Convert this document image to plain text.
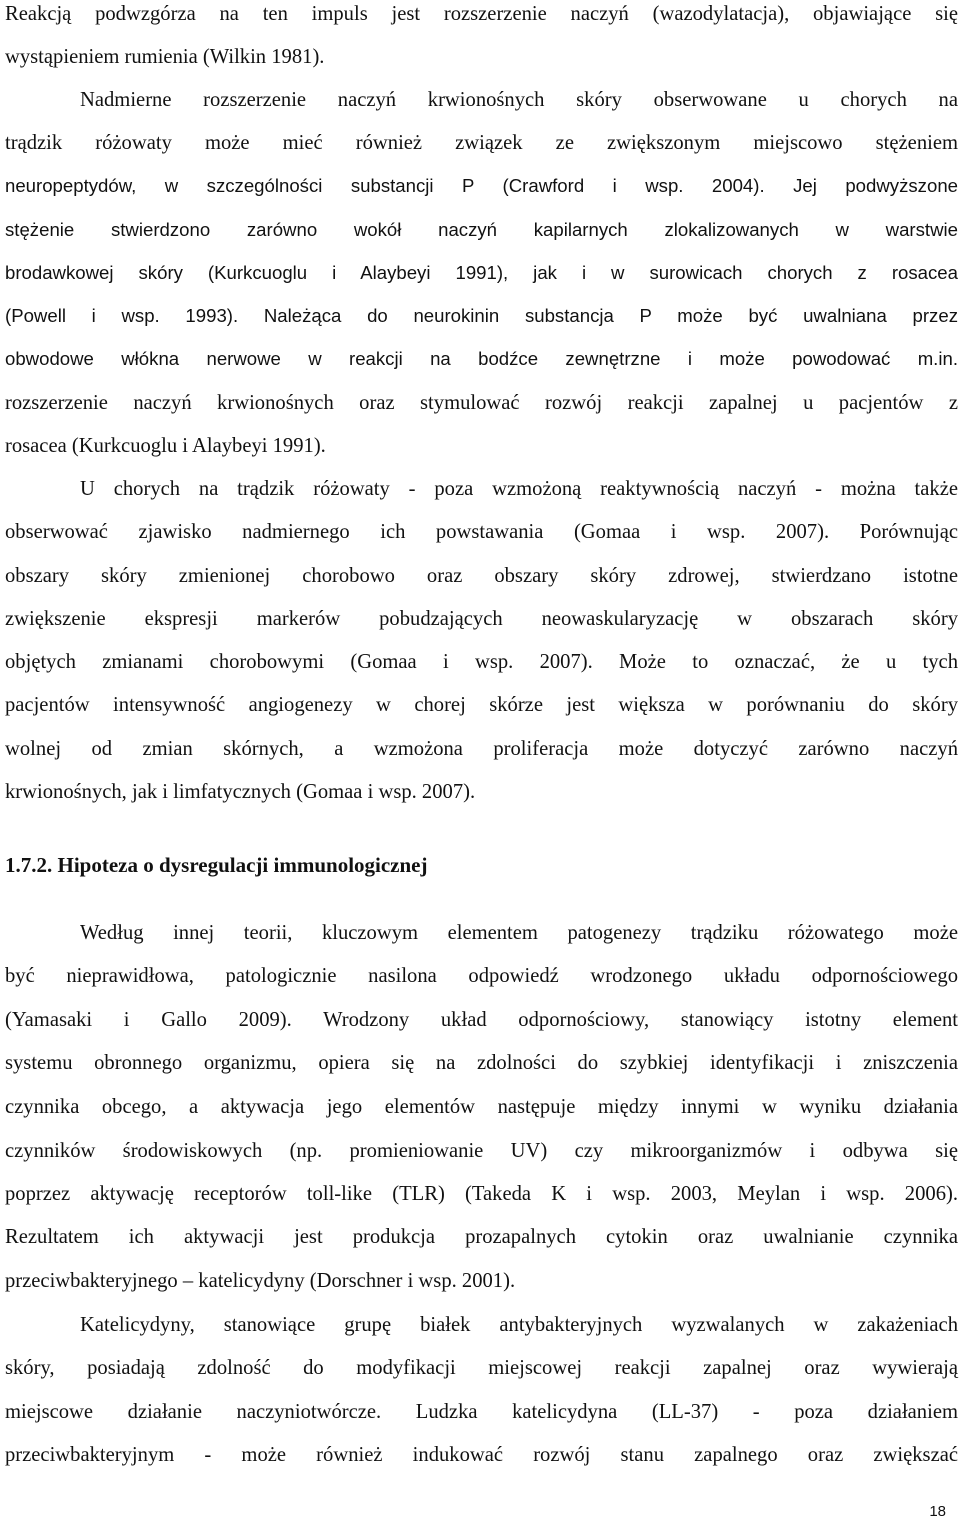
Reakcją podwzgórza na ten impuls jest rozszerzenie naczyń (wazodylatacja), objawiające się
wystąpieniem rumienia (Wilkin 1981).
Nadmierne rozszerzenie naczyń krwionośnych skóry obserwowane u chorych na
trądzik różowaty może mieć również związek ze zwiększonym miejscowo stężeniem
neuropeptydów, w szczególności substancji P (Crawford i wsp. 2004). Jej podwyższone
stężenie stwierdzono zarówno wokół naczyń kapilarnych zlokalizowanych w warstwie
brodawkowej skóry (Kurkcuoglu i Alaybeyi 1991), jak i w surowicach chorych z rosacea
(Powell i wsp. 1993). Należąca do neurokinin substancja P może być uwalniana przez
obwodowe włókna nerwowe w reakcji na bodźce zewnętrzne i może powodować m.in.
rozszerzenie naczyń krwionośnych oraz stymulować rozwój reakcji zapalnej u pacjentów z
rosacea (Kurkcuoglu i Alaybeyi 1991).
U chorych na trądzik różowaty - poza wzmożoną reaktywnością naczyń - można także
obserwować zjawisko nadmiernego ich powstawania (Gomaa i wsp. 2007). Porównując
obszary skóry zmienionej chorobowo oraz obszary skóry zdrowej, stwierdzano istotne
zwiększenie ekspresji markerów pobudzających neowaskularyzację w obszarach skóry
objętych zmianami chorobowymi (Gomaa i wsp. 2007). Może to oznaczać, że u tych
pacjentów intensywność angiogenezy w chorej skórze jest większa w porównaniu do skóry
wolnej od zmian skórnych, a wzmożona proliferacja może dotyczyć zarówno naczyń
krwionośnych, jak i limfatycznych (Gomaa i wsp. 2007).
1.7.2. Hipoteza o dysregulacji immunologicznej
Według innej teorii, kluczowym elementem patogenezy trądziku różowatego może
być nieprawidłowa, patologicznie nasilona odpowiedź wrodzonego układu odpornościowego
(Yamasaki i Gallo 2009). Wrodzony układ odpornościowy, stanowiący istotny element
systemu obronnego organizmu, opiera się na zdolności do szybkiej identyfikacji i zniszczenia
czynnika obcego, a aktywacja jego elementów następuje między innymi w wyniku działania
czynników środowiskowych (np. promieniowanie UV) czy mikroorganizmów i odbywa się
poprzez aktywację receptorów toll-like (TLR) (Takeda K i wsp. 2003, Meylan i wsp. 2006).
Rezultatem ich aktywacji jest produkcja prozapalnych cytokin oraz uwalnianie czynnika
przeciwbakteryjnego – katelicydyny (Dorschner i wsp. 2001).
Katelicydyny, stanowiące grupę białek antybakteryjnych wyzwalanych w zakażeniach
skóry, posiadają zdolność do modyfikacji miejscowej reakcji zapalnej oraz wywierają
miejscowe działanie naczyniotwórcze. Ludzka katelicydyna (LL-37) - poza działaniem
przeciwbakteryjnym - może również indukować rozwój stanu zapalnego oraz zwiększać
18
